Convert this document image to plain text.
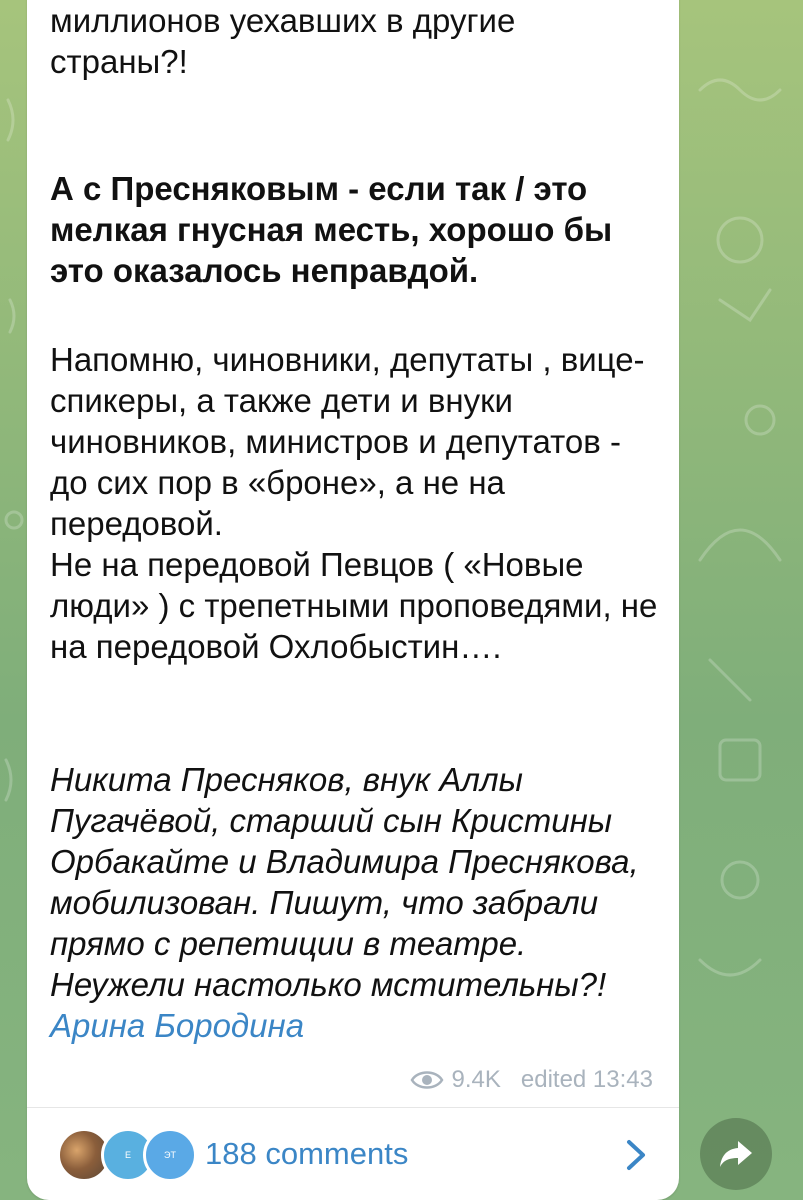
миллионов уехавших в другие страны?!
А с Пресняковым - если так / это мелкая гнусная месть, хорошо бы это оказалось неправдой.
Напомню, чиновники, депутаты , вице- спикеры, а также дети и внуки чиновников, министров и депутатов - до сих пор в «броне», а не на передовой.
Не на передовой Певцов ( «Новые люди» ) с трепетными проповедями, не на передовой Охлобыстин….
Никита Пресняков, внук Аллы Пугачёвой, старший сын Кристины Орбакайте и Владимира Преснякова, мобилизован. Пишут, что забрали прямо с репетиции в театре. Неужели настолько мстительны?! Арина Бородина
9.4K edited 13:43
E	ЭТ 188 comments
